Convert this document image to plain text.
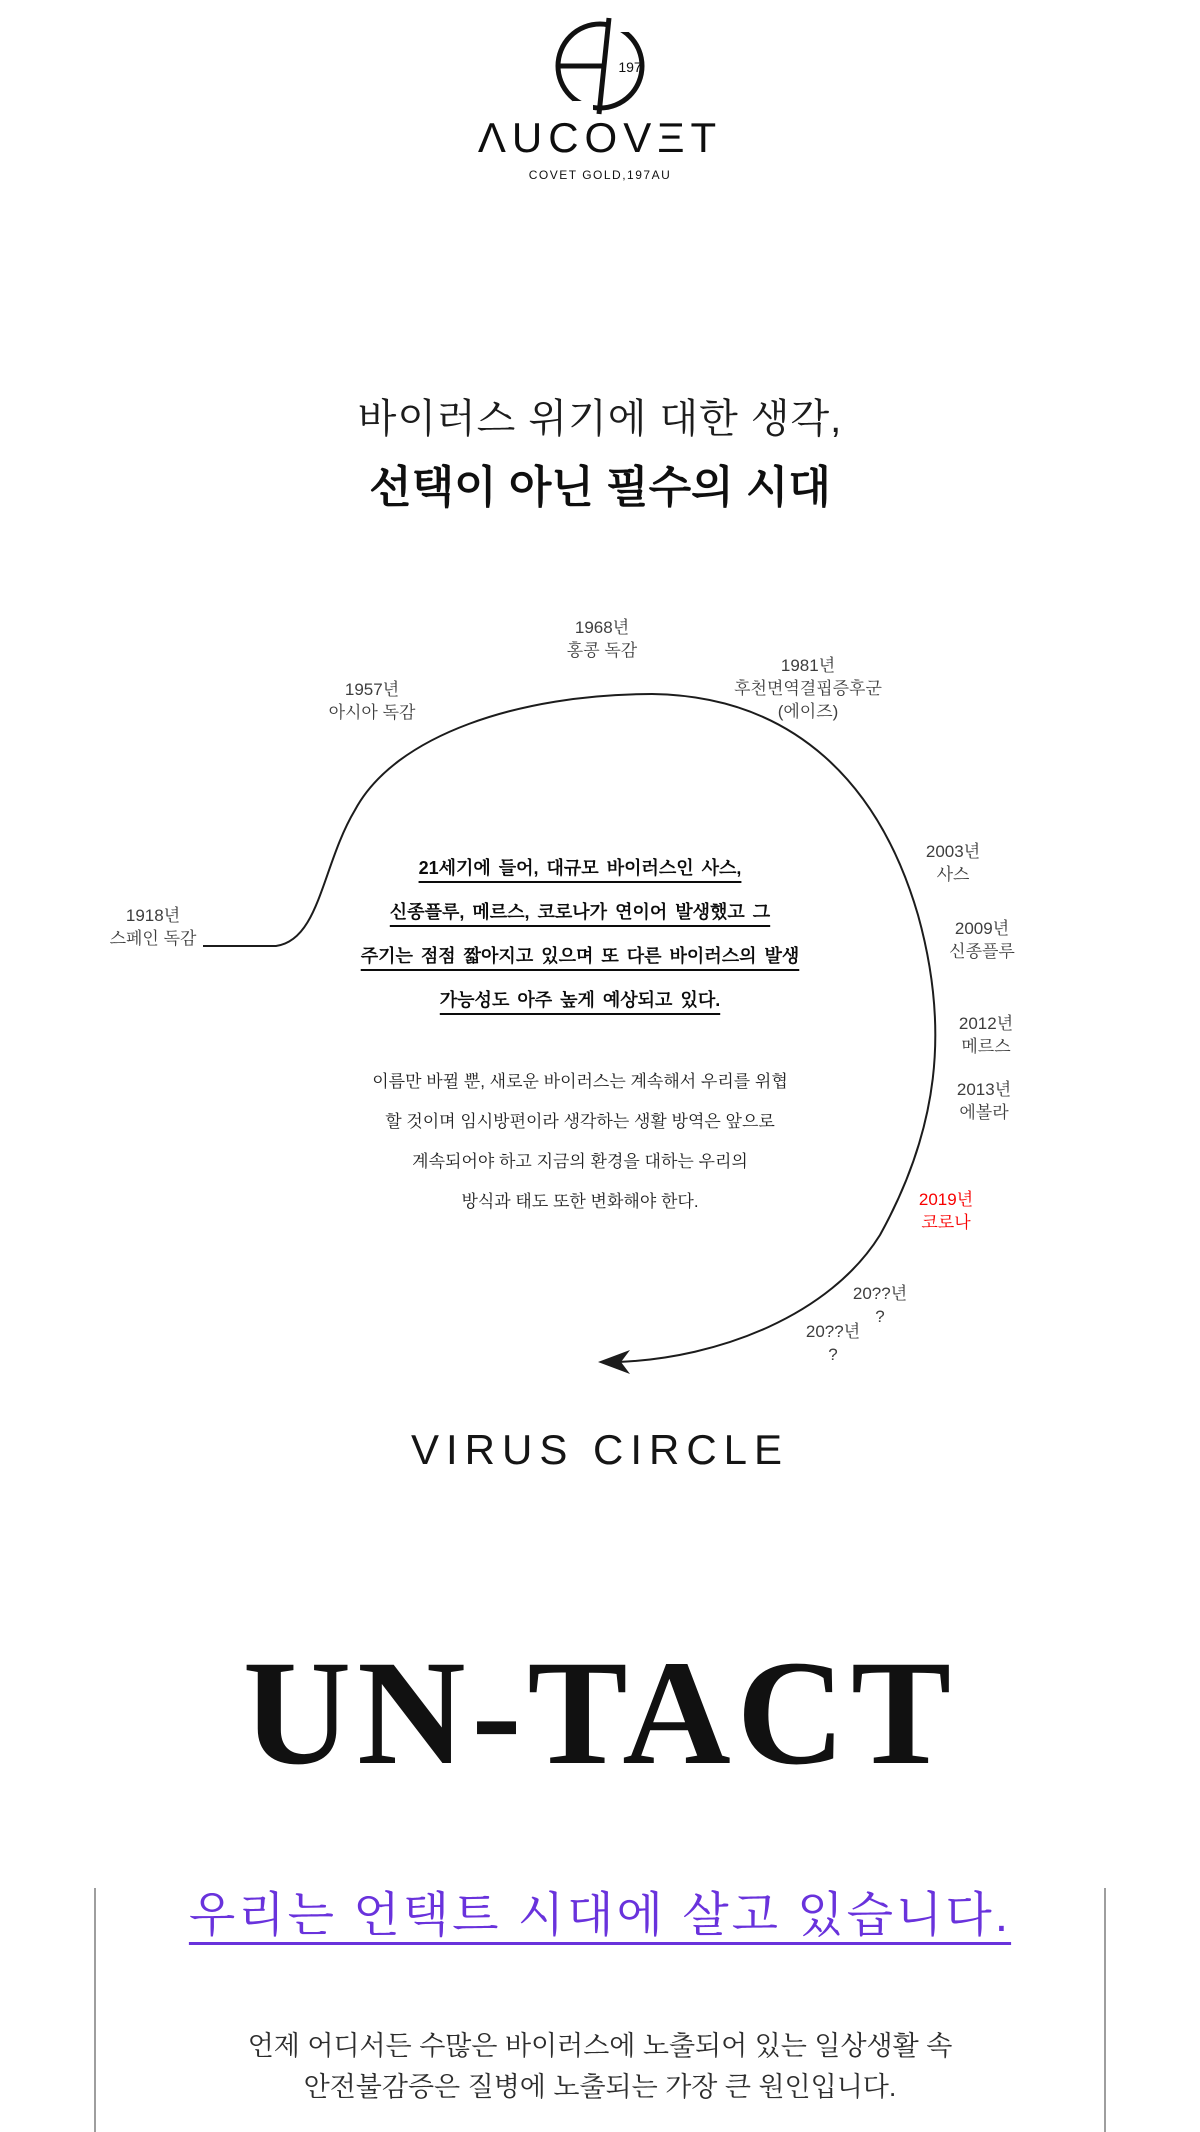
197
ΛUCOVΞT
COVET GOLD,197AU
바이러스 위기에 대한 생각,
선택이 아닌 필수의 시대
1918년
스페인 독감
1957년
아시아 독감
1968년
홍콩 독감
1981년
후천면역결핍증후군
(에이즈)
2003년
사스
2009년
신종플루
2012년
메르스
2013년
에볼라
2019년
코로나
20??년
?
20??년
?
21세기에 들어, 대규모 바이러스인 사스,
신종플루, 메르스, 코로나가 연이어 발생했고 그
주기는 점점 짧아지고 있으며 또 다른 바이러스의 발생
가능성도 아주 높게 예상되고 있다.
이름만 바뀔 뿐, 새로운 바이러스는 계속해서 우리를 위협
할 것이며 임시방편이라 생각하는 생활 방역은 앞으로
계속되어야 하고 지금의 환경을 대하는 우리의
방식과 태도 또한 변화해야 한다.
VIRUS CIRCLE
UN-TACT
우리는 언택트 시대에 살고 있습니다.
언제 어디서든 수많은 바이러스에 노출되어 있는 일상생활 속
안전불감증은 질병에 노출되는 가장 큰 원인입니다.
